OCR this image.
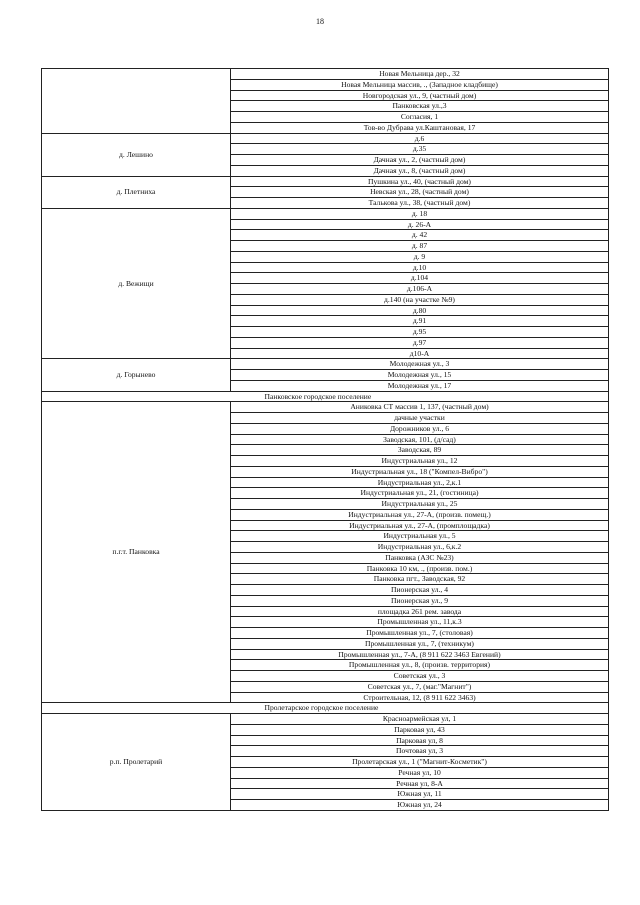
18
	Новая Мельница дер., 32
	Новая Мельница массив, ., (Западное кладбище)
	Новгородская ул., 9, (частный дом)
	Панковская ул.,3
	Согласия, 1
	Тов-во Дубрава ул.Каштановая, 17
д. Лешино	д.6
	д.35
	Дачная ул., 2, (частный дом)
	Дачная ул., 8, (частный дом)
д. Плетниха	Пушкина ул., 40, (частный дом)
	Невская ул., 28, (частный дом)
	Талькова ул., 38, (частный дом)
д. Вежищи	д. 18
	д. 26-А
	д. 42
	д. 87
	д. 9
	д.10
	д.104
	д.106-А
	д.140 (на участке №9)
	д.80
	д.91
	д.95
	д.97
	д10-А
д. Горынево	Молодежная ул., 3
	Молодежная ул., 15
	Молодежная ул., 17
	Панковское городское поселение
п.г.т. Панковка	Аниковка СТ массив 1, 137, (частный дом)
	дачные участки
	Дорожников ул., 6
	Заводская, 101, (д/сад)
	Заводская, 89
	Индустриальная ул., 12
	Индустриальная ул., 18 ("Компел-Вибро")
	Индустриальная ул., 2,к.1
	Индустриальная ул., 21, (гостиница)
	Индустриальная ул., 25
	Индустриальная ул., 27-А, (произв. помещ.)
	Индустриальная ул., 27-А, (промплощадка)
	Индустриальная ул., 5
	Индустриальная ул., 6,к.2
	Панковка (АЗС №23)
	Панковка 10 км, ., (произв. пом.)
	Панковка пгт., Заводская, 92
	Пионерская ул., 4
	Пионерская ул., 9
	площадка 261 рем. завода
	Промышленная ул., 11,к.3
	Промышленная ул., 7, (столовая)
	Промышленная ул., 7, (техникум)
	Промышленная ул., 7-А, (8 911 622 3463 Евгений)
	Промышленная ул., 8, (произв. территория)
	Советская ул., 3
	Советская ул., 7, (маг."Магнит")
	Строительная, 12, (8 911 622 3463)
	Пролетарское городское поселение
р.п. Пролетарий	Красноармейская ул, 1
	Парковая ул, 43
	Парковая ул, 8
	Почтовая ул, 3
	Пролетарская ул., 1 ("Магнит-Косметик")
	Речная ул, 10
	Речная ул, 8-А
	Южная ул, 11
	Южная ул, 24
